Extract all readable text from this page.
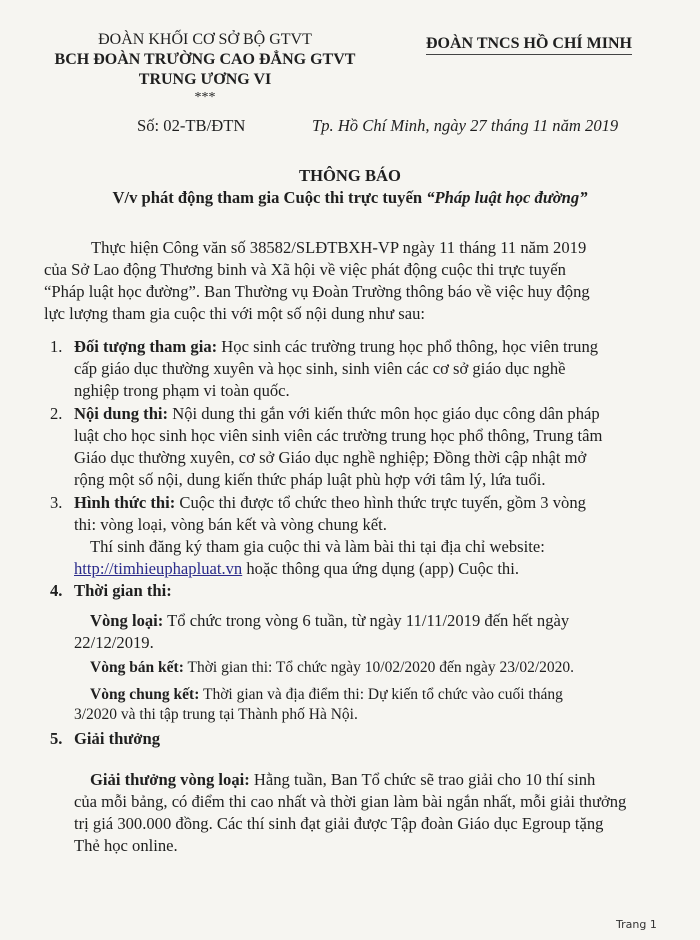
ĐOÀN KHỐI CƠ SỞ BỘ GTVT
BCH ĐOÀN TRƯỜNG CAO ĐẲNG GTVT
TRUNG ƯƠNG VI
***
ĐOÀN TNCS HỒ CHÍ MINH
Số: 02-TB/ĐTN	Tp. Hồ Chí Minh, ngày 27 tháng 11 năm 2019
THÔNG BÁO
V/v phát động tham gia Cuộc thi trực tuyến “Pháp luật học đường”

Thực hiện Công văn số 38582/SLĐTBXH-VP ngày 11 tháng 11 năm 2019

của Sở Lao động Thương binh và Xã hội về việc phát động cuộc thi trực tuyến

“Pháp luật học đường”. Ban Thường vụ Đoàn Trường thông báo về việc huy động

lực lượng tham gia cuộc thi với một số nội dung như sau:

1. Đối tượng tham gia: Học sinh các trường trung học phổ thông, học viên trung

cấp giáo dục thường xuyên và học sinh, sinh viên các cơ sở giáo dục nghề

nghiệp trong phạm vi toàn quốc.

2. Nội dung thi: Nội dung thi gắn với kiến thức môn học giáo dục công dân pháp

luật cho học sinh học viên sinh viên các trường trung học phổ thông, Trung tâm

Giáo dục thường xuyên, cơ sở Giáo dục nghề nghiệp; Đồng thời cập nhật mở

rộng một số nội, dung kiến thức pháp luật phù hợp với tâm lý, lứa tuổi.

3. Hình thức thi: Cuộc thi được tổ chức theo hình thức trực tuyến, gồm 3 vòng

thi: vòng loại, vòng bán kết và vòng chung kết.

Thí sinh đăng ký tham gia cuộc thi và làm bài thi tại địa chỉ website:

http://timhieuphapluat.vn hoặc thông qua ứng dụng (app) Cuộc thi.

4. Thời gian thi:

Vòng loại: Tổ chức trong vòng 6 tuần, từ ngày 11/11/2019 đến hết ngày

22/12/2019.

Vòng bán kết: Thời gian thi: Tổ chức ngày 10/02/2020 đến ngày 23/02/2020.

Vòng chung kết: Thời gian và địa điểm thi: Dự kiến tổ chức vào cuối tháng

3/2020 và thi tập trung tại Thành phố Hà Nội.

5. Giải thưởng

Giải thưởng vòng loại: Hằng tuần, Ban Tổ chức sẽ trao giải cho 10 thí sinh

của mỗi bảng, có điểm thi cao nhất và thời gian làm bài ngắn nhất, mỗi giải thưởng

trị giá 300.000 đồng. Các thí sinh đạt giải được Tập đoàn Giáo dục Egroup tặng

Thẻ học online.

Trang 1
